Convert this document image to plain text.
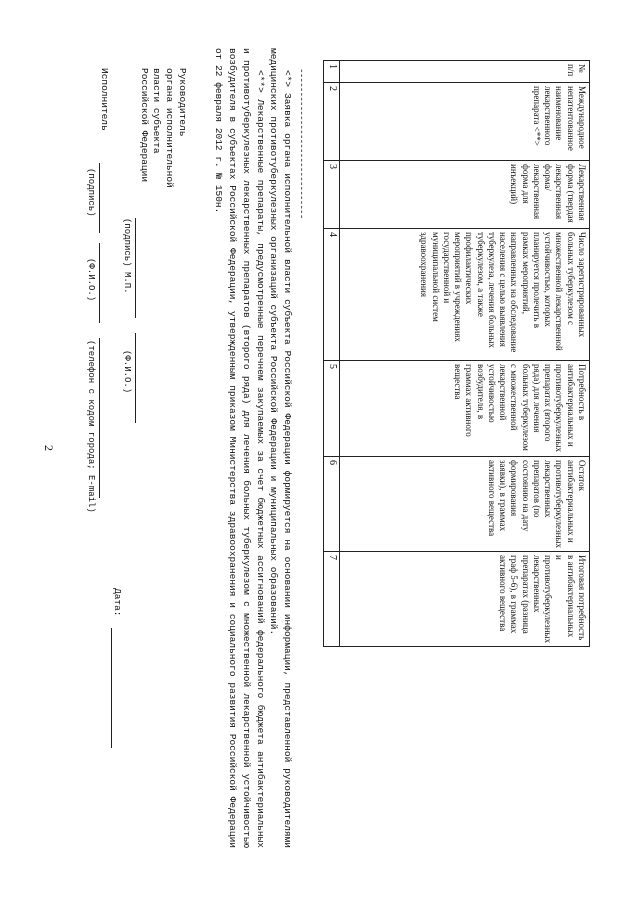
2
№ п/п	Международное непатентованное наименование лекарственного препарата <**>	Лекарственная форма (твердая лекарственная форма/ лекарственная форма для инъекций)	Число зарегистрированных больных туберкулезом с множественной лекарственной устойчивостью, которых планируется пролечить в рамках мероприятий, направленных на обследование населения с целью выявления туберкулеза, лечения больных туберкулезом, а также профилактических мероприятий в учреждениях государственной и муниципальной систем здравоохранения	Потребность в антибактериальных и противотуберкулезных препаратах (второго ряда) для лечения больных туберкулезом с множественной лекарственной устойчивостью возбудителя, в граммах активного вещества	Остаток антибактериальных и противотуберкулезных лекарственных препаратов (по состоянию на дату формирования заявки), в граммах активного вещества	Итоговая потребность в антибактериальных и противотуберкулезных лекарственных препаратах (разница граф 5-6), в граммах активного вещества
1	2	3	4	5	6	7
--------------------------------

<*> Заявка органа исполнительной власти субъекта Российской Федерации формируется на основании информации, представленной руководителями медицинских противотуберкулезных организаций субъекта Российской Федерации и муниципальных образований.

<**> Лекарственные препараты, предусмотренные перечнем закупаемых за счет бюджетных ассигнований федерального бюджета антибактериальных и противотуберкулезных лекарственных препаратов (второго ряда) для лечения больных туберкулезом с множественной лекарственной устойчивостью возбудителя в субъектах Российской Федерации, утвержденным приказом Министерства здравоохранения и социального развития Российской Федерации от 22 февраля 2012 г. № 150н.

Руководитель
органа исполнительной
власти субъекта
Российской Федерации
(подпись) М.П.
(Ф.И.О.)
Исполнитель
(подпись)
(Ф.И.О.)
(телефон с кодом города; E-mail)
Дата:
